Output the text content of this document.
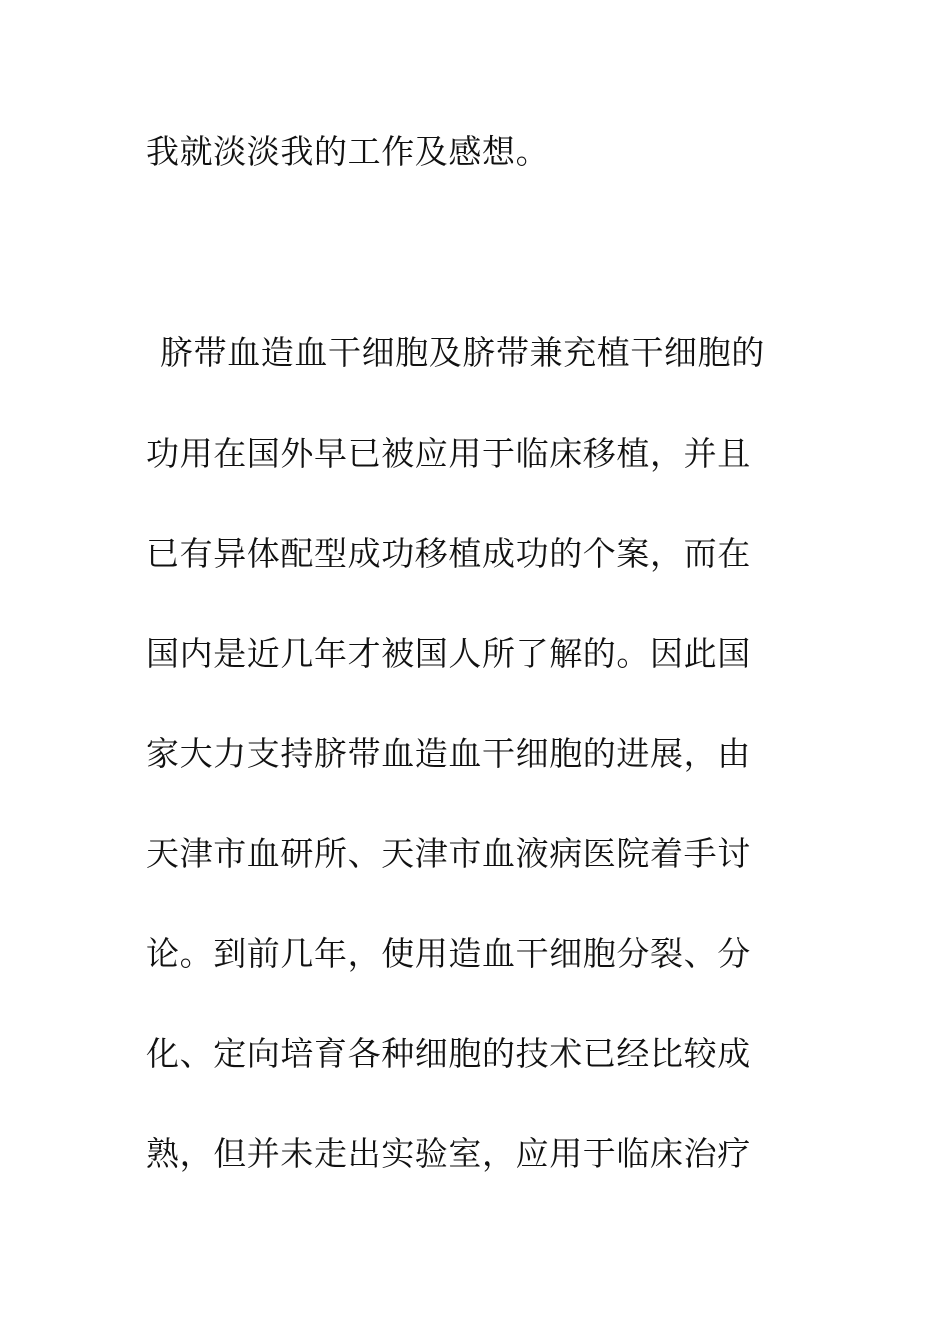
我就淡淡我的工作及感想。
脐带血造血干细胞及脐带兼充植干细胞的
功用在国外早已被应用于临床移植，并且
已有异体配型成功移植成功的个案，而在
国内是近几年才被国人所了解的。因此国
家大力支持脐带血造血干细胞的进展，由
天津市血研所、天津市血液病医院着手讨
论。到前几年，使用造血干细胞分裂、分
化、定向培育各种细胞的技术已经比较成
熟，但并未走出实验室，应用于临床治疗
